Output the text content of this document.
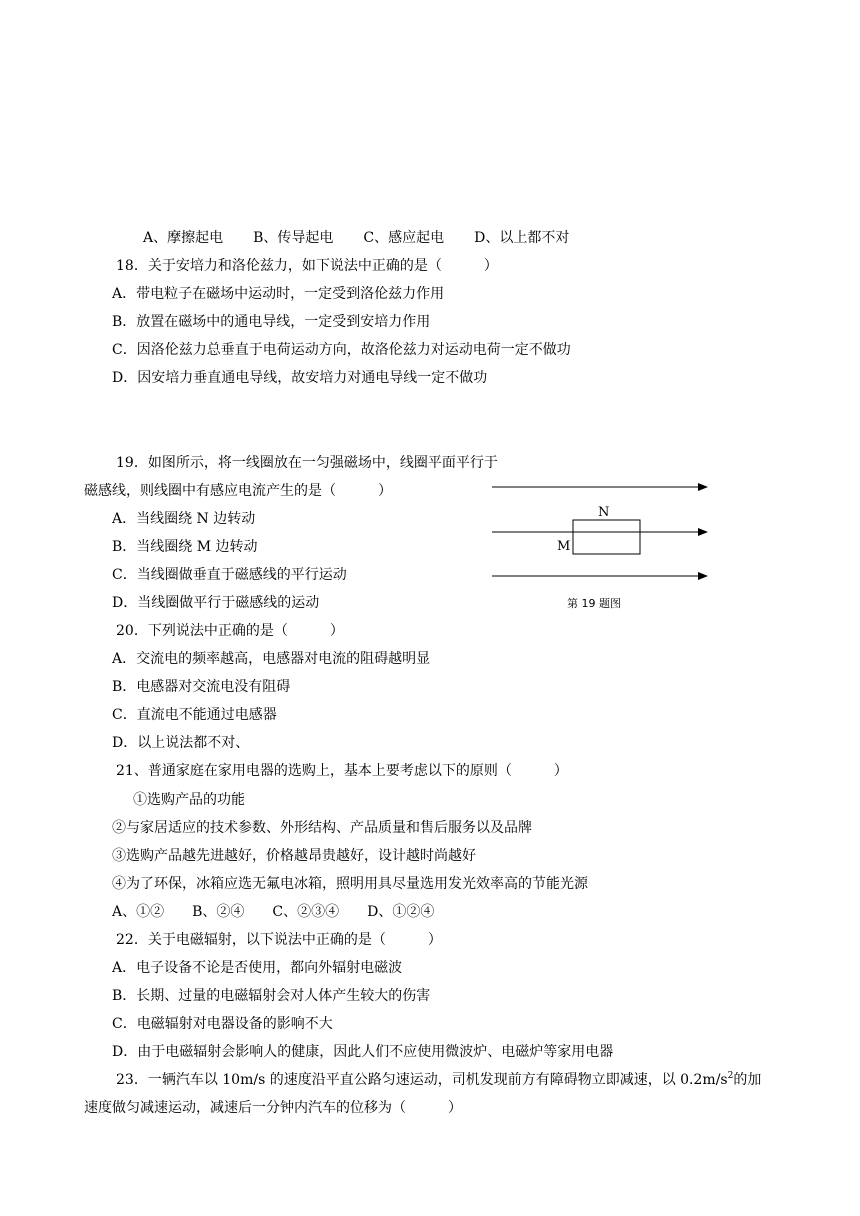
A、摩擦起电 B、传导起电 C、感应起电 D、以上都不对
18．关于安培力和洛伦兹力，如下说法中正确的是（　　　）
A．带电粒子在磁场中运动时，一定受到洛伦兹力作用
B．放置在磁场中的通电导线，一定受到安培力作用
C．因洛伦兹力总垂直于电荷运动方向，故洛伦兹力对运动电荷一定不做功
D．因安培力垂直通电导线，故安培力对通电导线一定不做功
19．如图所示，将一线圈放在一匀强磁场中，线圈平面平行于
磁感线，则线圈中有感应电流产生的是（　　　）
A．当线圈绕 N 边转动
B．当线圈绕 M 边转动
C．当线圈做垂直于磁感线的平行运动
D．当线圈做平行于磁感线的运动
N
M
第 19 题图
20．下列说法中正确的是（　　　）
A．交流电的频率越高，电感器对电流的阻碍越明显
B．电感器对交流电没有阻碍
C．直流电不能通过电感器
D．以上说法都不对、
21、普通家庭在家用电器的选购上，基本上要考虑以下的原则（　　　）
①选购产品的功能
②与家居适应的技术参数、外形结构、产品质量和售后服务以及品牌
③选购产品越先进越好，价格越昂贵越好，设计越时尚越好
④为了环保，冰箱应选无氟电冰箱，照明用具尽量选用发光效率高的节能光源
A、①② B、②④ C、②③④ D、①②④
22．关于电磁辐射，以下说法中正确的是（　　　）
A．电子设备不论是否使用，都向外辐射电磁波
B．长期、过量的电磁辐射会对人体产生较大的伤害
C．电磁辐射对电器设备的影响不大
D．由于电磁辐射会影响人的健康，因此人们不应使用微波炉、电磁炉等家用电器
23．一辆汽车以 10m/s 的速度沿平直公路匀速运动，司机发现前方有障碍物立即减速，以 $0.2m/s^2$的加
速度做匀减速运动，减速后一分钟内汽车的位移为（　　　）
